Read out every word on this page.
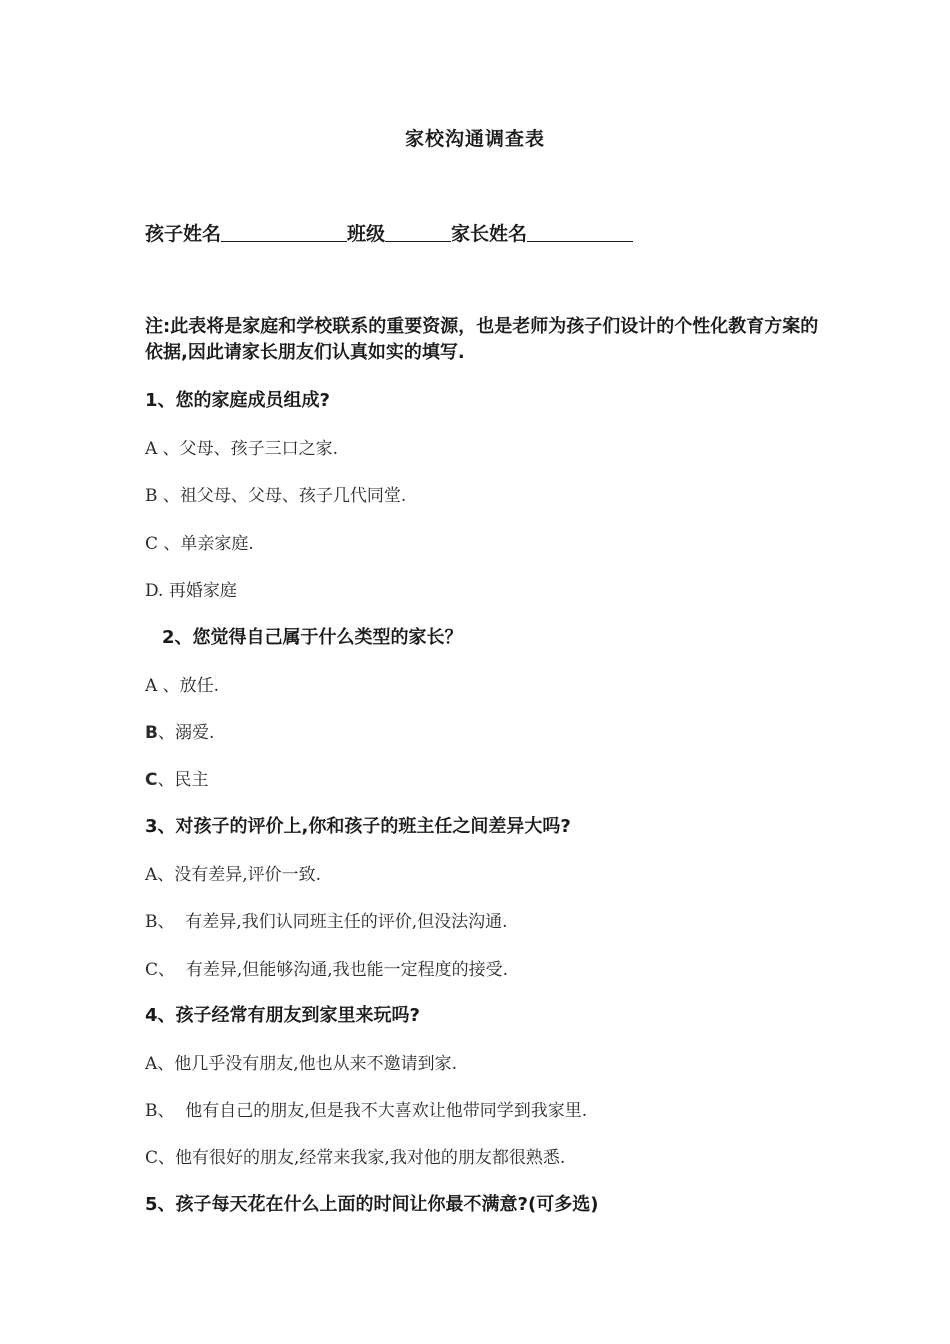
家校沟通调查表
孩子姓名	班级	家长姓名
注:此表将是家庭和学校联系的重要资源，也是老师为孩子们设计的个性化教育方案的依据,因此请家长朋友们认真如实的填写.
1、您的家庭成员组成?
A 、父母、孩子三口之家.
B 、祖父母、父母、孩子几代同堂.
C 、单亲家庭.
D. 再婚家庭
2、您觉得自己属于什么类型的家长？
A 、放任.
B、溺爱.
C、民主
3、对孩子的评价上,你和孩子的班主任之间差异大吗?
A、没有差异,评价一致.
B、  有差异,我们认同班主任的评价,但没法沟通.
C、  有差异,但能够沟通,我也能一定程度的接受.
4、孩子经常有朋友到家里来玩吗?
A、他几乎没有朋友,他也从来不邀请到家.
B、  他有自己的朋友,但是我不大喜欢让他带同学到我家里.
C、他有很好的朋友,经常来我家,我对他的朋友都很熟悉.
5、孩子每天花在什么上面的时间让你最不满意?(可多选)
